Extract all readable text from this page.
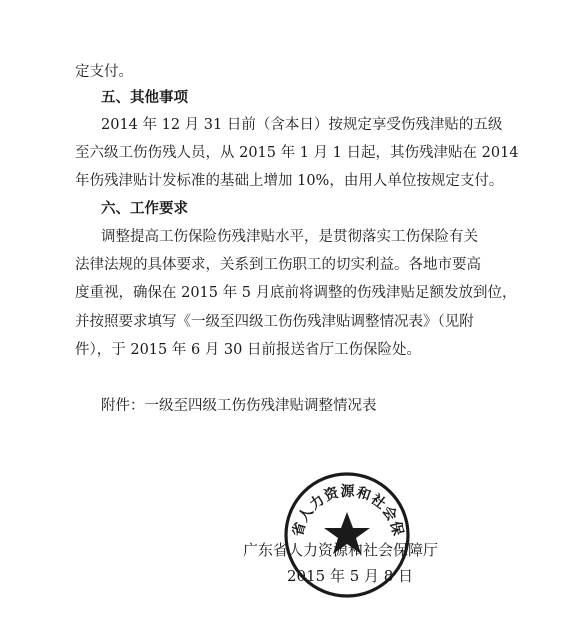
定支付。
五、其他事项
2014 年 12 月 31 日前（含本日）按规定享受伤残津贴的五级
至六级工伤伤残人员，从 2015 年 1 月 1 日起，其伤残津贴在 2014
年伤残津贴计发标准的基础上增加 10%，由用人单位按规定支付。
六、工作要求
调整提高工伤保险伤残津贴水平，是贯彻落实工伤保险有关
法律法规的具体要求，关系到工伤职工的切实利益。各地市要高
度重视，确保在 2015 年 5 月底前将调整的伤残津贴足额发放到位，
并按照要求填写《一级至四级工伤伤残津贴调整情况表》（见附
件），于 2015 年 6 月 30 日前报送省厅工伤保险处。
附件：一级至四级工伤伤残津贴调整情况表
省人力资源和社会保
广东省人力资源和社会保障厅
2015 年 5 月 8 日
